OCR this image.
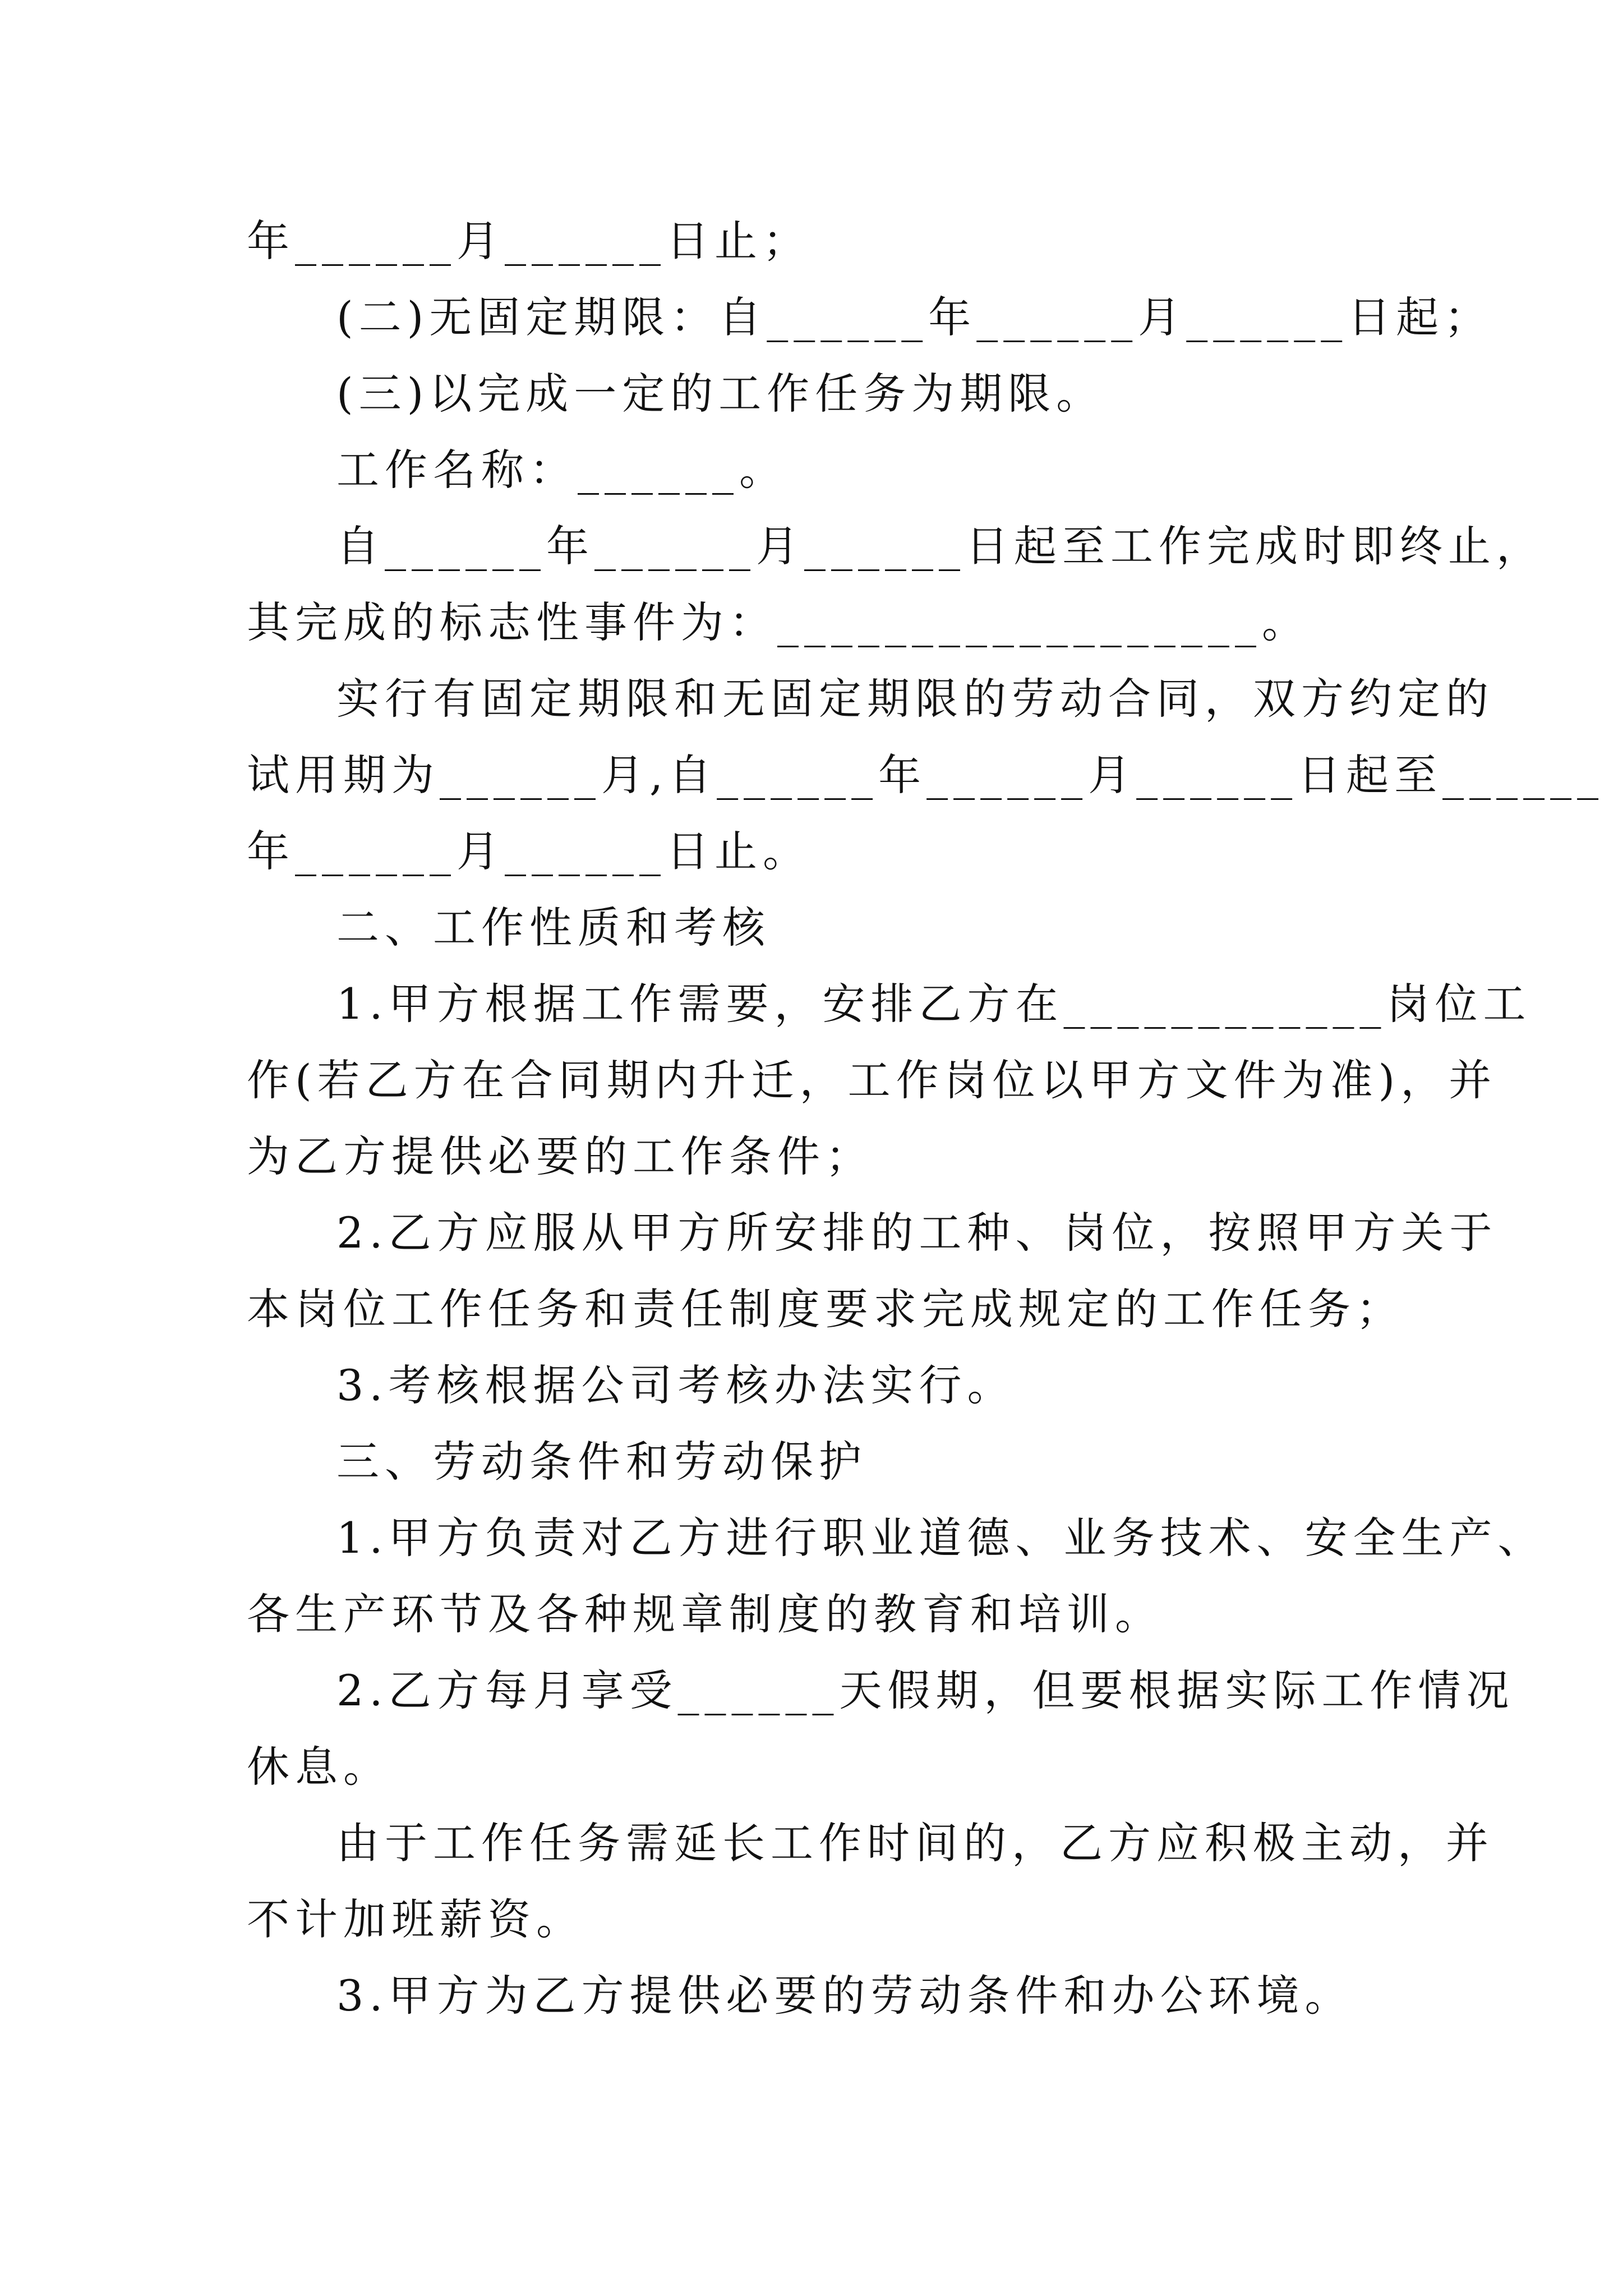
年______月______日止；
(二)无固定期限：自______年______月______日起；
(三)以完成一定的工作任务为期限。
工作名称：______。
自______年______月______日起至工作完成时即终止，
其完成的标志性事件为：__________________。
实行有固定期限和无固定期限的劳动合同，双方约定的
试用期为______月,自______年______月______日起至______
年______月______日止。
二、工作性质和考核
1.甲方根据工作需要，安排乙方在____________岗位工
作(若乙方在合同期内升迁，工作岗位以甲方文件为准)，并
为乙方提供必要的工作条件；
2.乙方应服从甲方所安排的工种、岗位，按照甲方关于
本岗位工作任务和责任制度要求完成规定的工作任务；
3.考核根据公司考核办法实行。
三、劳动条件和劳动保护
1.甲方负责对乙方进行职业道德、业务技术、安全生产、
各生产环节及各种规章制度的教育和培训。
2.乙方每月享受______天假期，但要根据实际工作情况
休息。
由于工作任务需延长工作时间的，乙方应积极主动，并
不计加班薪资。
3.甲方为乙方提供必要的劳动条件和办公环境。
